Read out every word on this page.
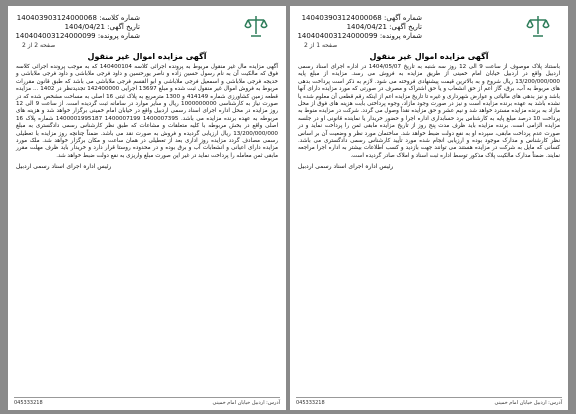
شماره کلاسه: 140403903124000068
تاریخ آگهی: 1404/04/21
شماره پرونده: 140404003124000099
صفحه 2 از 2
آگهی مزایده اموال غیر منقول
آگهی مزایده مال غیر منقول مربوط به پرونده اجرائی کلاسه 140400104 که به موجب پرونده اجرائی کلاسه فوق که مالکیت آن به نام رسول حسین زاده و ناصر یورحسین و داود فرجی ملاباشی و داود فرجی ملاباشی و خدیجه فرجی ملاباشی و اسمعیل فرجی ملاباشی و ابو القسم فرجی ملاباشی می باشد که طبق قانون مقررات مربوط به فروش اموال غیر منقول ثبت شده و مبلغ 13697 اجرایی 142400000 تجدیدنظر در 1402 ... مزایده قطعه زمین کشاورزی شماره 414149 و 1300 مترمربع به پلاک ثبتی 16 اصلی به مساحت مشخص شده که در صورت نیاز به کارشناسی 1000000000 ریال و سایر موارد در سامانه ثبت گردیده است. از ساعت 9 الی 12 روز مزایده در محل اداره اجرای اسناد رسمی اردبیل واقع در خیابان امام خمینی برگزار خواهد شد و هزینه های مربوطه به عهده برنده مزایده می باشد. 1400007395 1400007199 1400001995187 شماره پلاک 16 اصلی واقع در بخش مربوطه با کلیه متعلقات و مشاعات که طبق نظر کارشناس رسمی دادگستری به مبلغ 13/200/000/000 ریال ارزیابی گردیده و فروش به صورت نقد می باشد. ضمناً چنانچه روز مزایده با تعطیلی رسمی مصادف گردد مزایده روز اداری بعد از تعطیلی در همان ساعت و مکان برگزار خواهد شد. ملک مورد مزایده دارای اعیانی و انشعابات آب و برق بوده و در محدوده روستا قرار دارد و خریدار باید ظرف مهلت مقرر مابقی ثمن معامله را پرداخت نماید در غیر این صورت مبلغ واریزی به نفع دولت ضبط خواهد شد.
رئیس اداره اجرای اسناد رسمی اردبیل
آدرس: اردبیل خیابان امام خمینی
045333218
شماره آگهی: 140403903124000068
تاریخ آگهی: 1404/04/21
شماره پرونده: 140404003124000099
صفحه 1 از 2
آگهی مزایده اموال غیر منقول
باستناد پلاک موصوف از ساعت 9 الی 12 روز سه شنبه به تاریخ 1404/05/07 در اداره اجرای اسناد رسمی اردبیل واقع در اردبیل خیابان امام خمینی از طریق مزایده به فروش می رسد. مزایده از مبلغ پایه 13/200/000/000 ریال شروع و به بالاترین قیمت پیشنهادی فروخته می شود. لازم به ذکر است پرداخت بدهی های مربوط به آب، برق، گاز اعم از حق انشعاب و یا حق اشتراک و مصرف در صورتی که مورد مزایده دارای آنها باشد و نیز بدهی های مالیاتی و عوارض شهرداری و غیره تا تاریخ مزایده اعم از اینکه رقم قطعی آن معلوم شده یا نشده باشد به عهده برنده مزایده است و نیز در صورت وجود مازاد، وجوه پرداختی بابت هزینه های فوق از محل مازاد به برنده مزایده مسترد خواهد شد و نیم عشر و حق مزایده نقداً وصول می گردد. شرکت در مزایده منوط به پرداخت 10 درصد مبلغ پایه به کارشناس برد حسابداری اداره اجرا و حضور خریدار یا نماینده قانونی او در جلسه مزایده الزامی است. برنده مزایده باید ظرف مدت پنج روز از تاریخ مزایده مابقی ثمن را پرداخت نماید و در صورت عدم پرداخت مابقی، سپرده او به نفع دولت ضبط خواهد شد. ساختمان مورد نظر و وضعیت آن بر اساس نظر کارشناس و مدارک موجود بوده و ارزیابی انجام شده مورد تأیید کارشناس رسمی دادگستری می باشد. کسانی که مایل به شرکت در مزایده هستند می توانند جهت بازدید و کسب اطلاعات بیشتر به اداره اجرا مراجعه نمایند. ضمناً مدارک مالکیت پلاک مذکور توسط اداره ثبت اسناد و املاک صادر گردیده است.
رئیس اداره اجرای اسناد رسمی اردبیل
آدرس: اردبیل خیابان امام خمینی
045333218
